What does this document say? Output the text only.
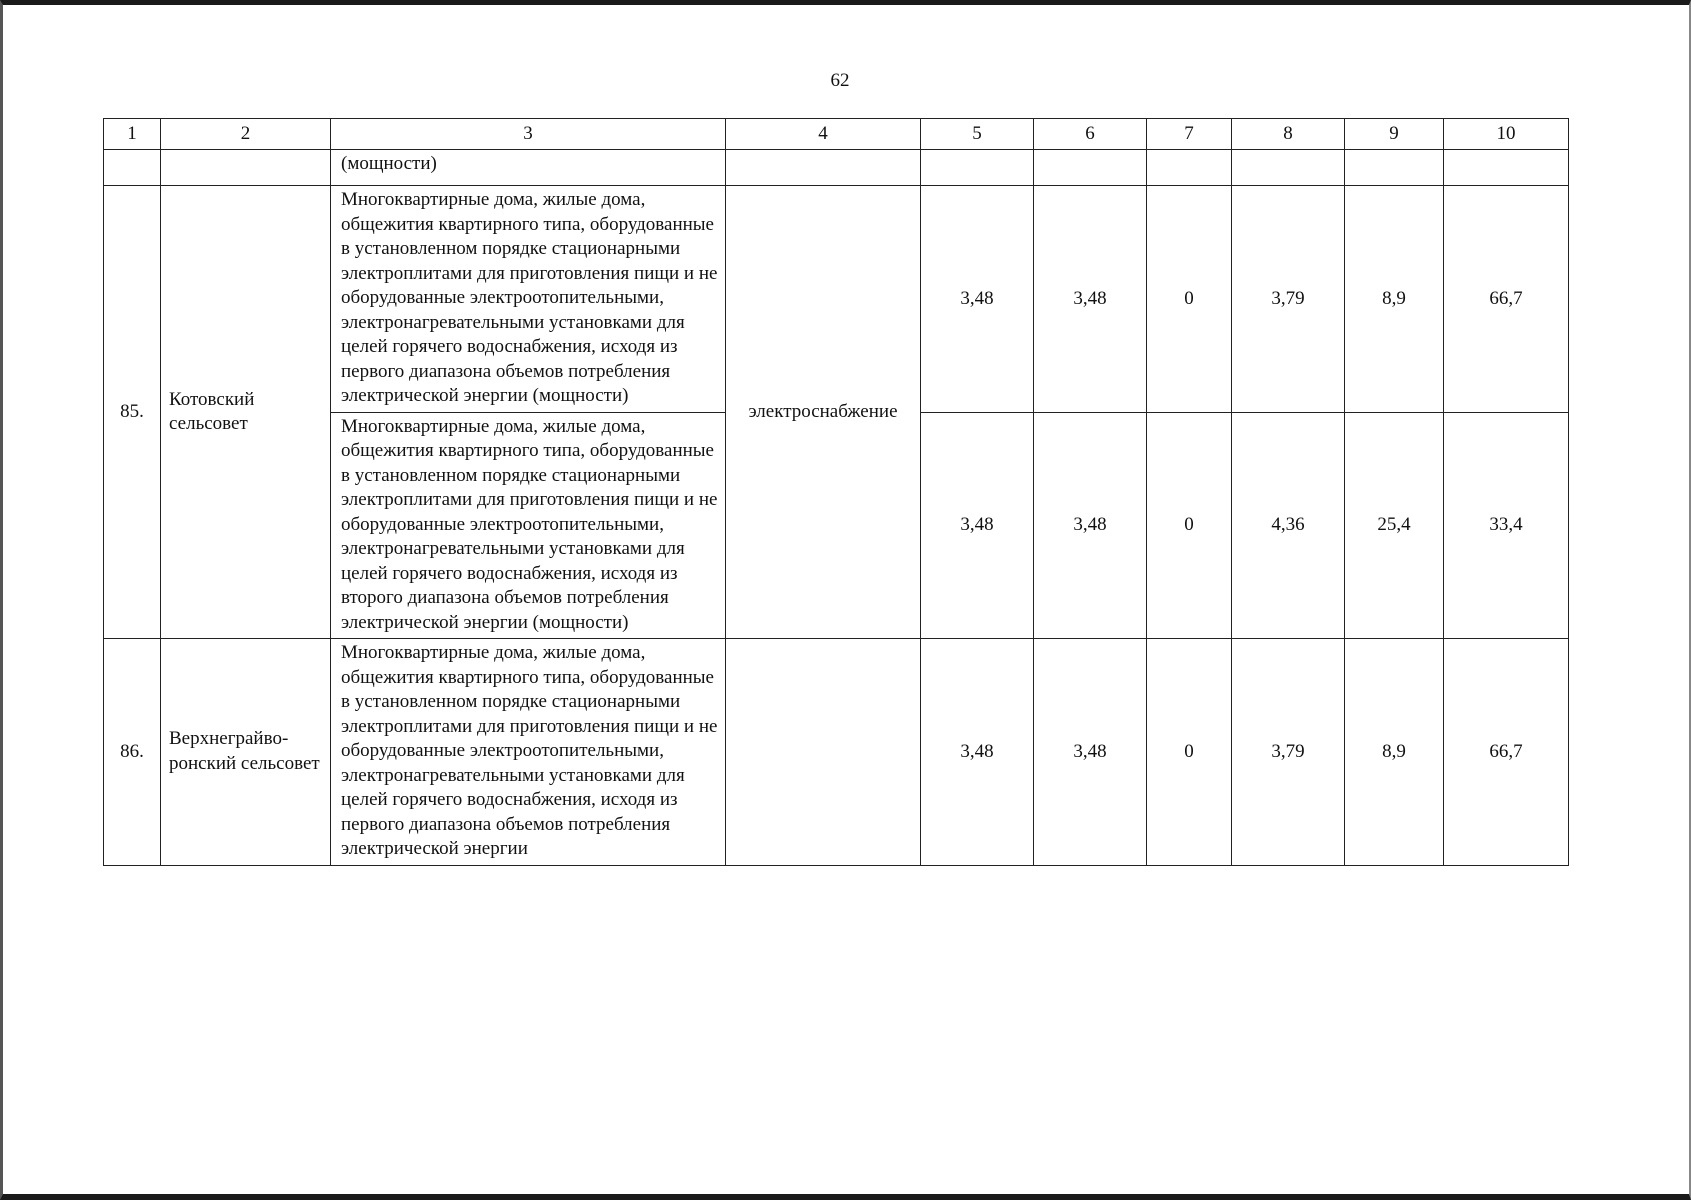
62
1	2	3	4	5	6	7	8	9	10
		(мощности)							
85.	Котовский сельсовет	Многоквартирные дома, жилые дома, общежития квартирного типа, оборудованные в установленном порядке стационарными электроплитами для приготовления пищи и не оборудованные электроотопительными, электронагревательными установками для целей горячего водоснабжения, исходя из первого диапазона объемов потребления электрической энергии (мощности)	электроснабжение	3,48	3,48	0	3,79	8,9	66,7
		Многоквартирные дома, жилые дома, общежития квартирного типа, оборудованные в установленном порядке стационарными электроплитами для приготовления пищи и не оборудованные электроотопительными, электронагревательными установками для целей горячего водоснабжения, исходя из второго диапазона объемов потребления электрической энергии (мощности)		3,48	3,48	0	4,36	25,4	33,4
86.	Верхнеграйво-ронский сельсовет	Многоквартирные дома, жилые дома, общежития квартирного типа, оборудованные в установленном порядке стационарными электроплитами для приготовления пищи и не оборудованные электроотопительными, электронагревательными установками для целей горячего водоснабжения, исходя из первого диапазона объемов потребления электрической энергии		3,48	3,48	0	3,79	8,9	66,7
